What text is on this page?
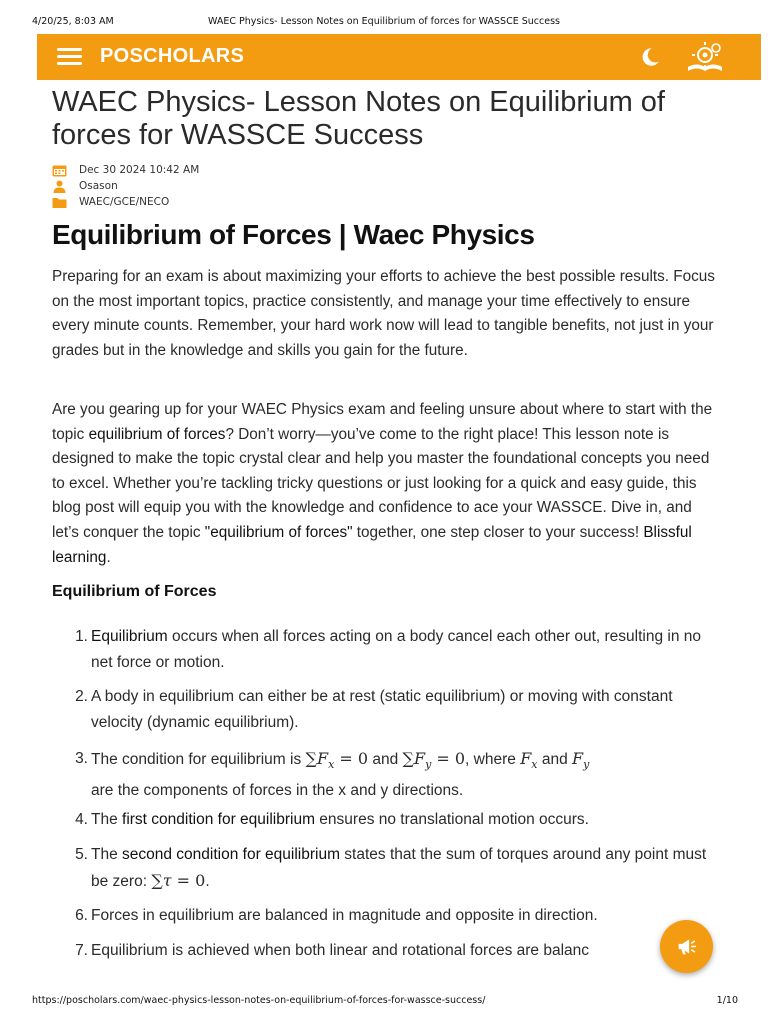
4/20/25, 8:03 AM	WAEC Physics- Lesson Notes on Equilibrium of forces for WASSCE Success
POSCHOLARS
WAEC Physics- Lesson Notes on Equilibrium of forces for WASSCE Success
Dec 30 2024 10:42 AM
Osason
WAEC/GCE/NECO
Equilibrium of Forces | Waec Physics
Preparing for an exam is about maximizing your efforts to achieve the best possible results. Focus on the most important topics, practice consistently, and manage your time effectively to ensure every minute counts. Remember, your hard work now will lead to tangible benefits, not just in your grades but in the knowledge and skills you gain for the future.
Are you gearing up for your WAEC Physics exam and feeling unsure about where to start with the topic equilibrium of forces? Don’t worry—you’ve come to the right place! This lesson note is designed to make the topic crystal clear and help you master the foundational concepts you need to excel. Whether you’re tackling tricky questions or just looking for a quick and easy guide, this blog post will equip you with the knowledge and confidence to ace your WASSCE. Dive in, and let’s conquer the topic "equilibrium of forces" together, one step closer to your success! Blissful learning.
Equilibrium of Forces
1. Equilibrium occurs when all forces acting on a body cancel each other out, resulting in no net force or motion.
2. A body in equilibrium can either be at rest (static equilibrium) or moving with constant velocity (dynamic equilibrium).
3. The condition for equilibrium is $\sum F_x = 0$ and $\sum F_y = 0$, where $F_x$ and $F_y$
are the components of forces in the x and y directions.
4. The first condition for equilibrium ensures no translational motion occurs.
5. The second condition for equilibrium states that the sum of torques around any point must be zero: ∑τ = 0.
6. Forces in equilibrium are balanced in magnitude and opposite in direction.
7. Equilibrium is achieved when both linear and rotational forces are balanc
https://poscholars.com/waec-physics-lesson-notes-on-equilibrium-of-forces-for-wassce-success/	1/10
